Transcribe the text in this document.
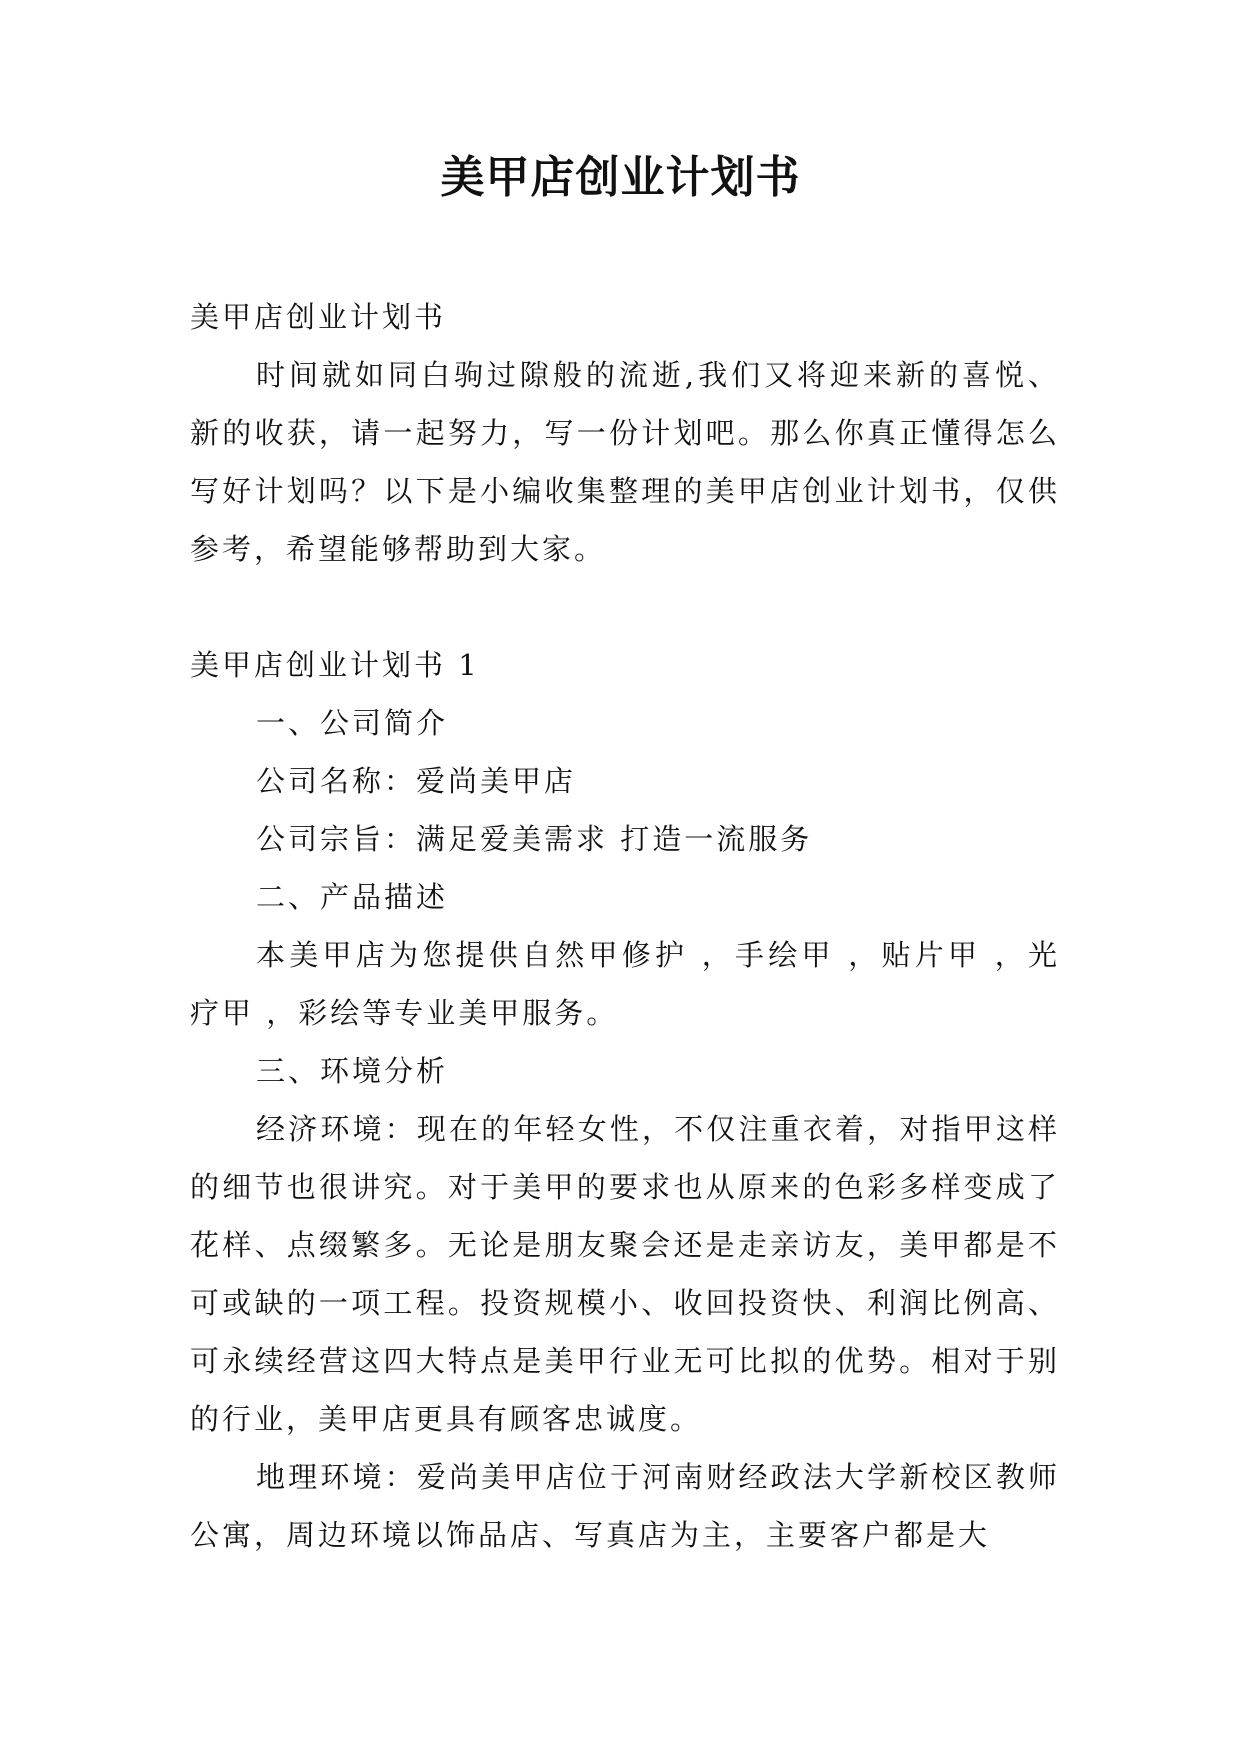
美甲店创业计划书

美甲店创业计划书

时间就如同白驹过隙般的流逝,我们又将迎来新的喜悦、新的收获，请一起努力，写一份计划吧。那么你真正懂得怎么写好计划吗？以下是小编收集整理的美甲店创业计划书，仅供参考，希望能够帮助到大家。

美甲店创业计划书 1

一、公司简介

公司名称：爱尚美甲店

公司宗旨：满足爱美需求 打造一流服务

二、产品描述

本美甲店为您提供自然甲修护 ，手绘甲 ，贴片甲 ，光疗甲 ，彩绘等专业美甲服务。

三、环境分析

经济环境：现在的年轻女性，不仅注重衣着，对指甲这样的细节也很讲究。对于美甲的要求也从原来的色彩多样变成了花样、点缀繁多。无论是朋友聚会还是走亲访友，美甲都是不可或缺的一项工程。投资规模小、收回投资快、利润比例高、可永续经营这四大特点是美甲行业无可比拟的优势。相对于别的行业，美甲店更具有顾客忠诚度。

地理环境：爱尚美甲店位于河南财经政法大学新校区教师公寓，周边环境以饰品店、写真店为主，主要客户都是大
